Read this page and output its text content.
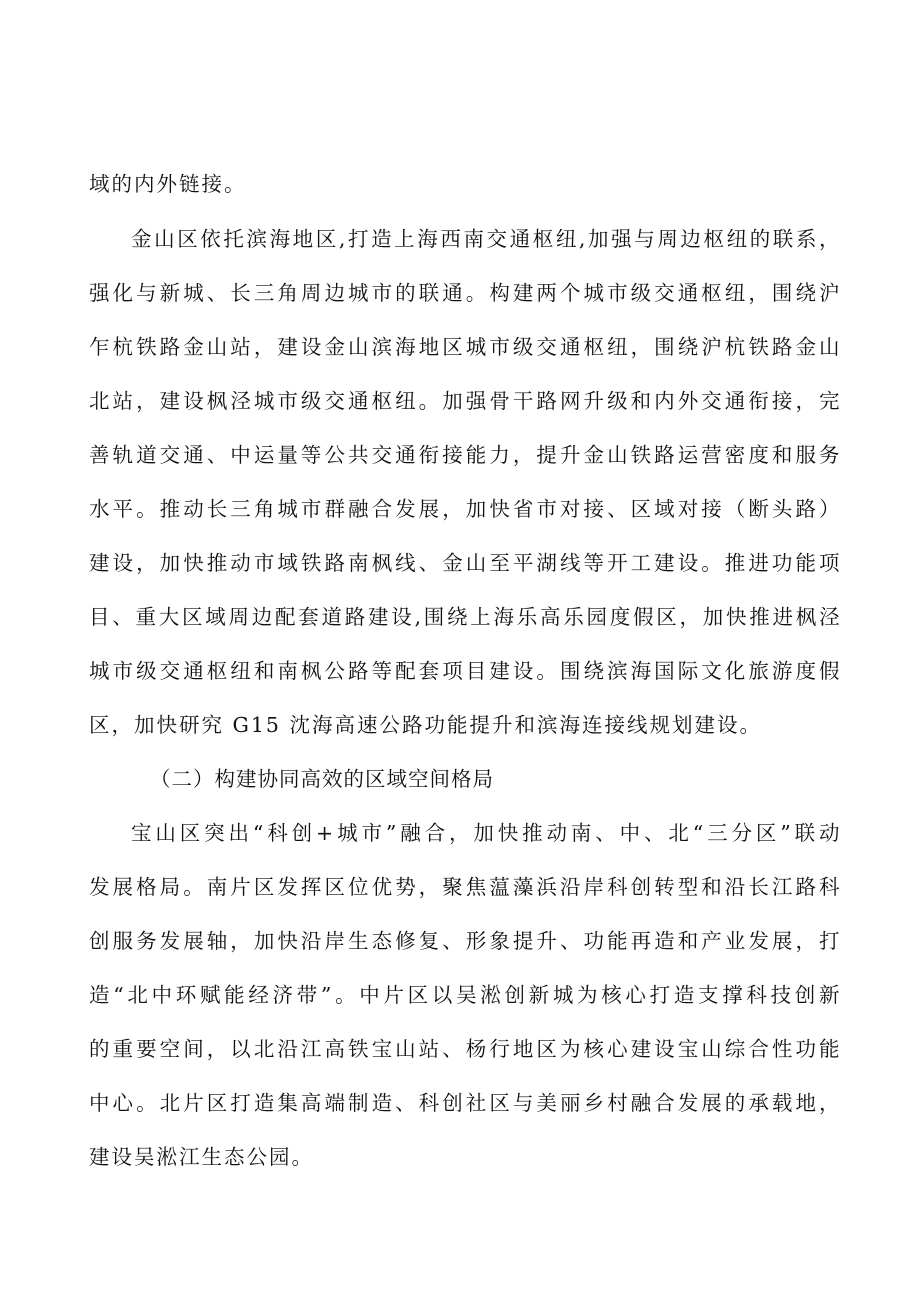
域的内外链接。
金山区依托滨海地区,打造上海西南交通枢纽,加强与周边枢纽的联系，
强化与新城、长三角周边城市的联通。构建两个城市级交通枢纽，围绕沪
乍杭铁路金山站，建设金山滨海地区城市级交通枢纽，围绕沪杭铁路金山
北站，建设枫泾城市级交通枢纽。加强骨干路网升级和内外交通衔接，完
善轨道交通、中运量等公共交通衔接能力，提升金山铁路运营密度和服务
水平。推动长三角城市群融合发展，加快省市对接、区域对接（断头路）
建设，加快推动市域铁路南枫线、金山至平湖线等开工建设。推进功能项
目、重大区域周边配套道路建设,围绕上海乐高乐园度假区，加快推进枫泾
城市级交通枢纽和南枫公路等配套项目建设。围绕滨海国际文化旅游度假
区，加快研究 G15 沈海高速公路功能提升和滨海连接线规划建设。
（二）构建协同高效的区域空间格局
宝山区突出“科创+城市”融合，加快推动南、中、北“三分区”联动
发展格局。南片区发挥区位优势，聚焦蕰藻浜沿岸科创转型和沿长江路科
创服务发展轴，加快沿岸生态修复、形象提升、功能再造和产业发展，打
造“北中环赋能经济带”。中片区以吴淞创新城为核心打造支撑科技创新
的重要空间，以北沿江高铁宝山站、杨行地区为核心建设宝山综合性功能
中心。北片区打造集高端制造、科创社区与美丽乡村融合发展的承载地，
建设吴淞江生态公园。
